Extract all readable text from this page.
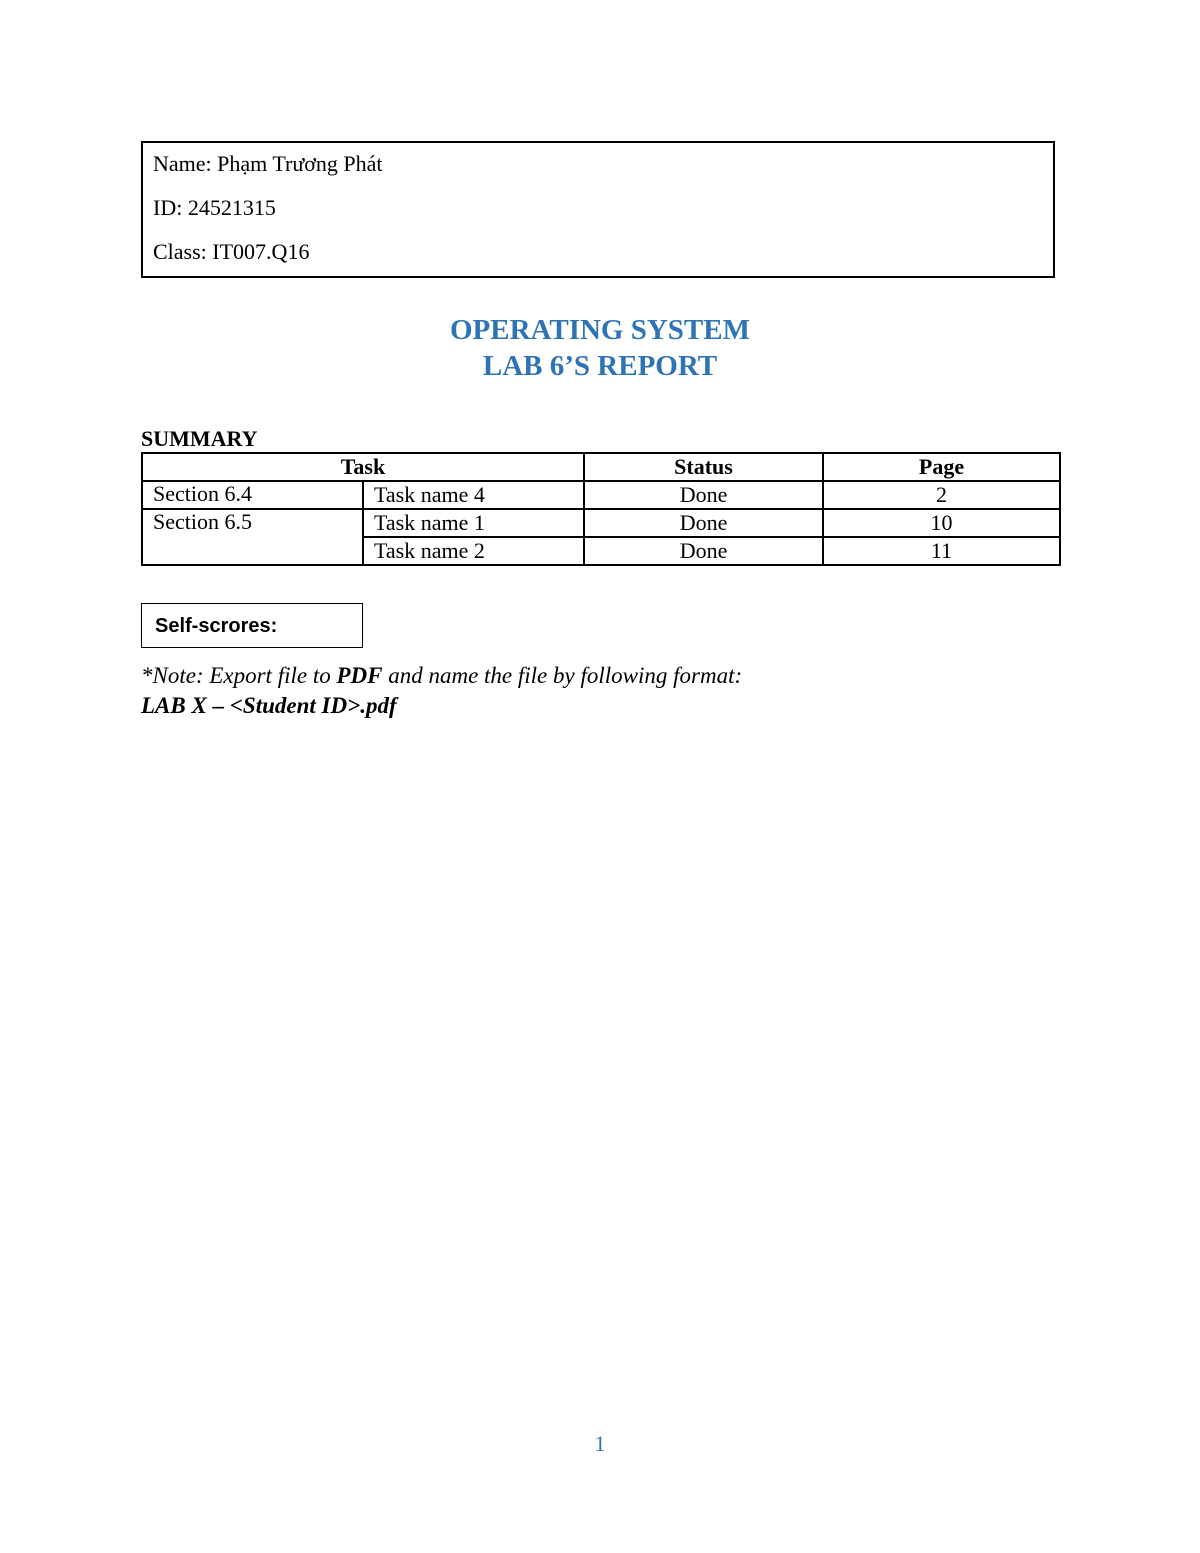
Name: Phạm Trương Phát
ID: 24521315
Class: IT007.Q16
OPERATING SYSTEM
LAB 6’S REPORT
SUMMARY
Task		Status	Page
Section 6.4	Task name 4	Done	2
Section 6.5	Task name 1	Done	10
	Task name 2	Done	11
Self-scrores:
*Note: Export file to PDF and name the file by following format:
LAB X – <Student ID>.pdf
1
